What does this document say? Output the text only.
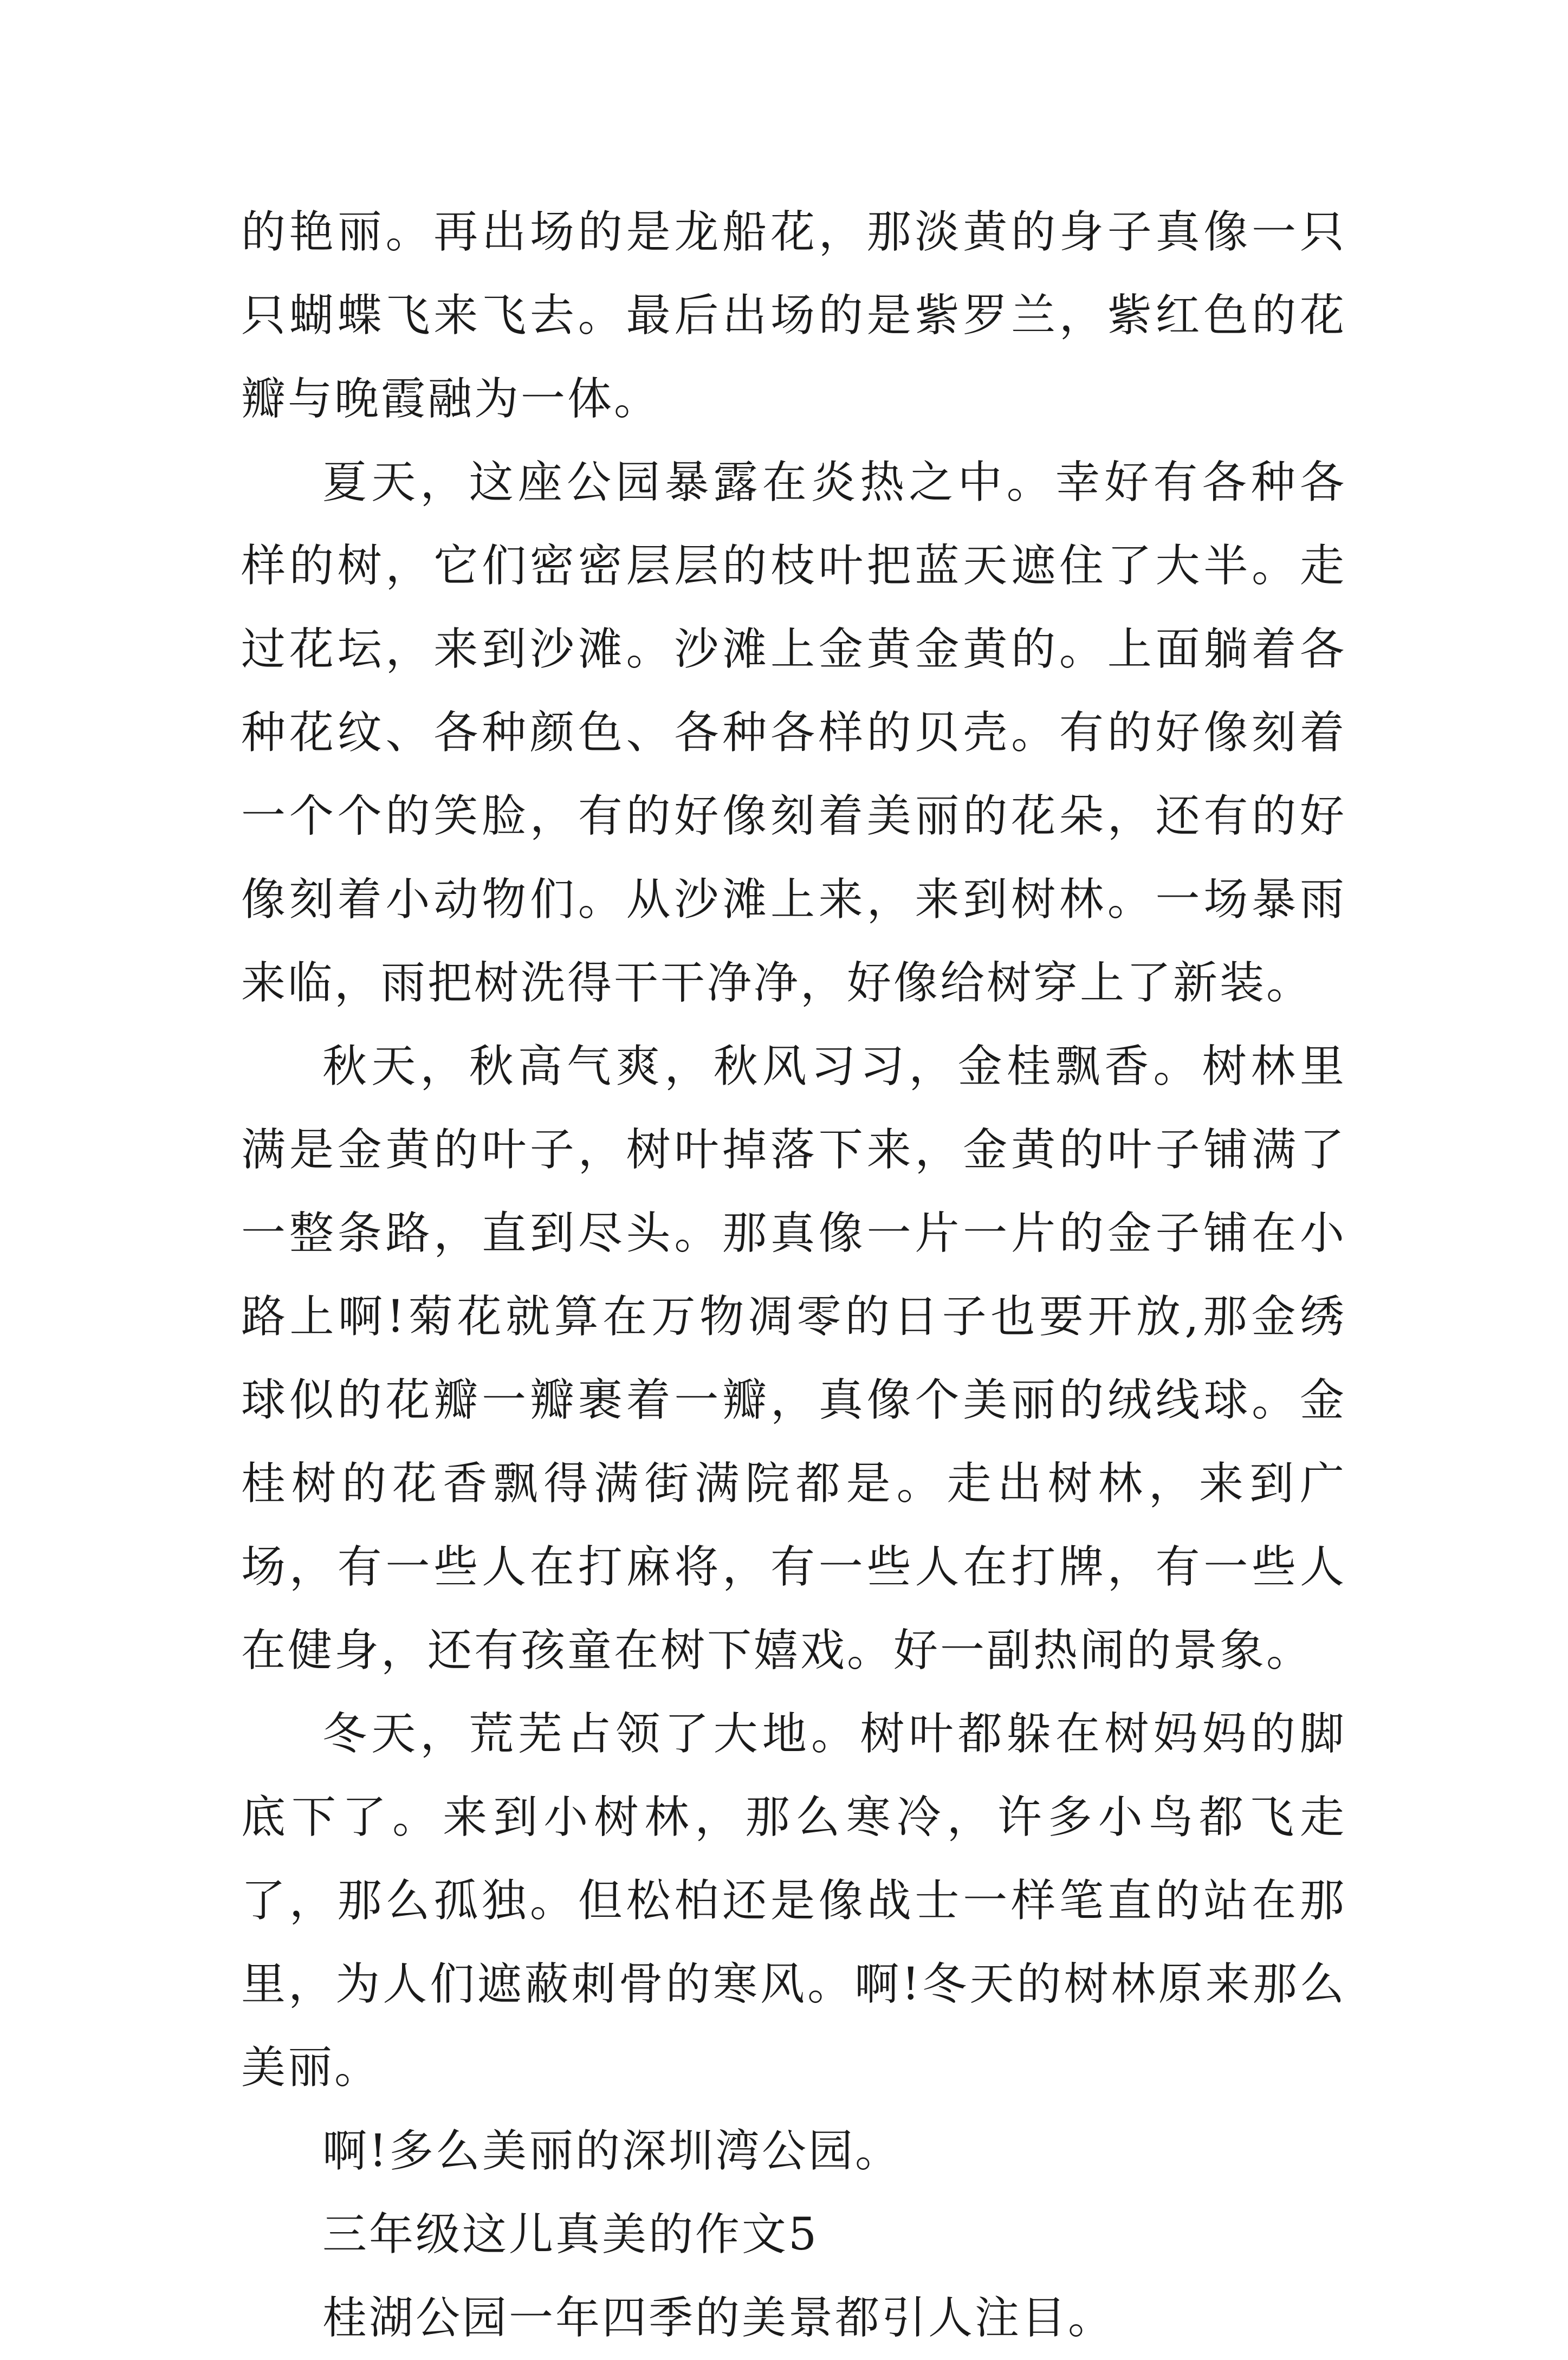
的艳丽。再出场的是龙船花，那淡黄的身子真像一只只蝴蝶飞来飞去。最后出场的是紫罗兰，紫红色的花瓣与晚霞融为一体。

夏天，这座公园暴露在炎热之中。幸好有各种各样的树，它们密密层层的枝叶把蓝天遮住了大半。走过花坛，来到沙滩。沙滩上金黄金黄的。上面躺着各种花纹、各种颜色、各种各样的贝壳。有的好像刻着一个个的笑脸，有的好像刻着美丽的花朵，还有的好像刻着小动物们。从沙滩上来，来到树林。一场暴雨来临，雨把树洗得干干净净，好像给树穿上了新装。

秋天，秋高气爽，秋风习习，金桂飘香。树林里满是金黄的叶子，树叶掉落下来，金黄的叶子铺满了一整条路，直到尽头。那真像一片一片的金子铺在小路上啊!菊花就算在万物凋零的日子也要开放,那金绣球似的花瓣一瓣裹着一瓣，真像个美丽的绒线球。金桂树的花香飘得满街满院都是。走出树林，来到广场，有一些人在打麻将，有一些人在打牌，有一些人在健身，还有孩童在树下嬉戏。好一副热闹的景象。

冬天，荒芜占领了大地。树叶都躲在树妈妈的脚底下了。来到小树林，那么寒冷，许多小鸟都飞走了，那么孤独。但松柏还是像战士一样笔直的站在那里，为人们遮蔽刺骨的寒风。啊!冬天的树林原来那么美丽。

啊!多么美丽的深圳湾公园。

三年级这儿真美的作文5

桂湖公园一年四季的美景都引人注目。
